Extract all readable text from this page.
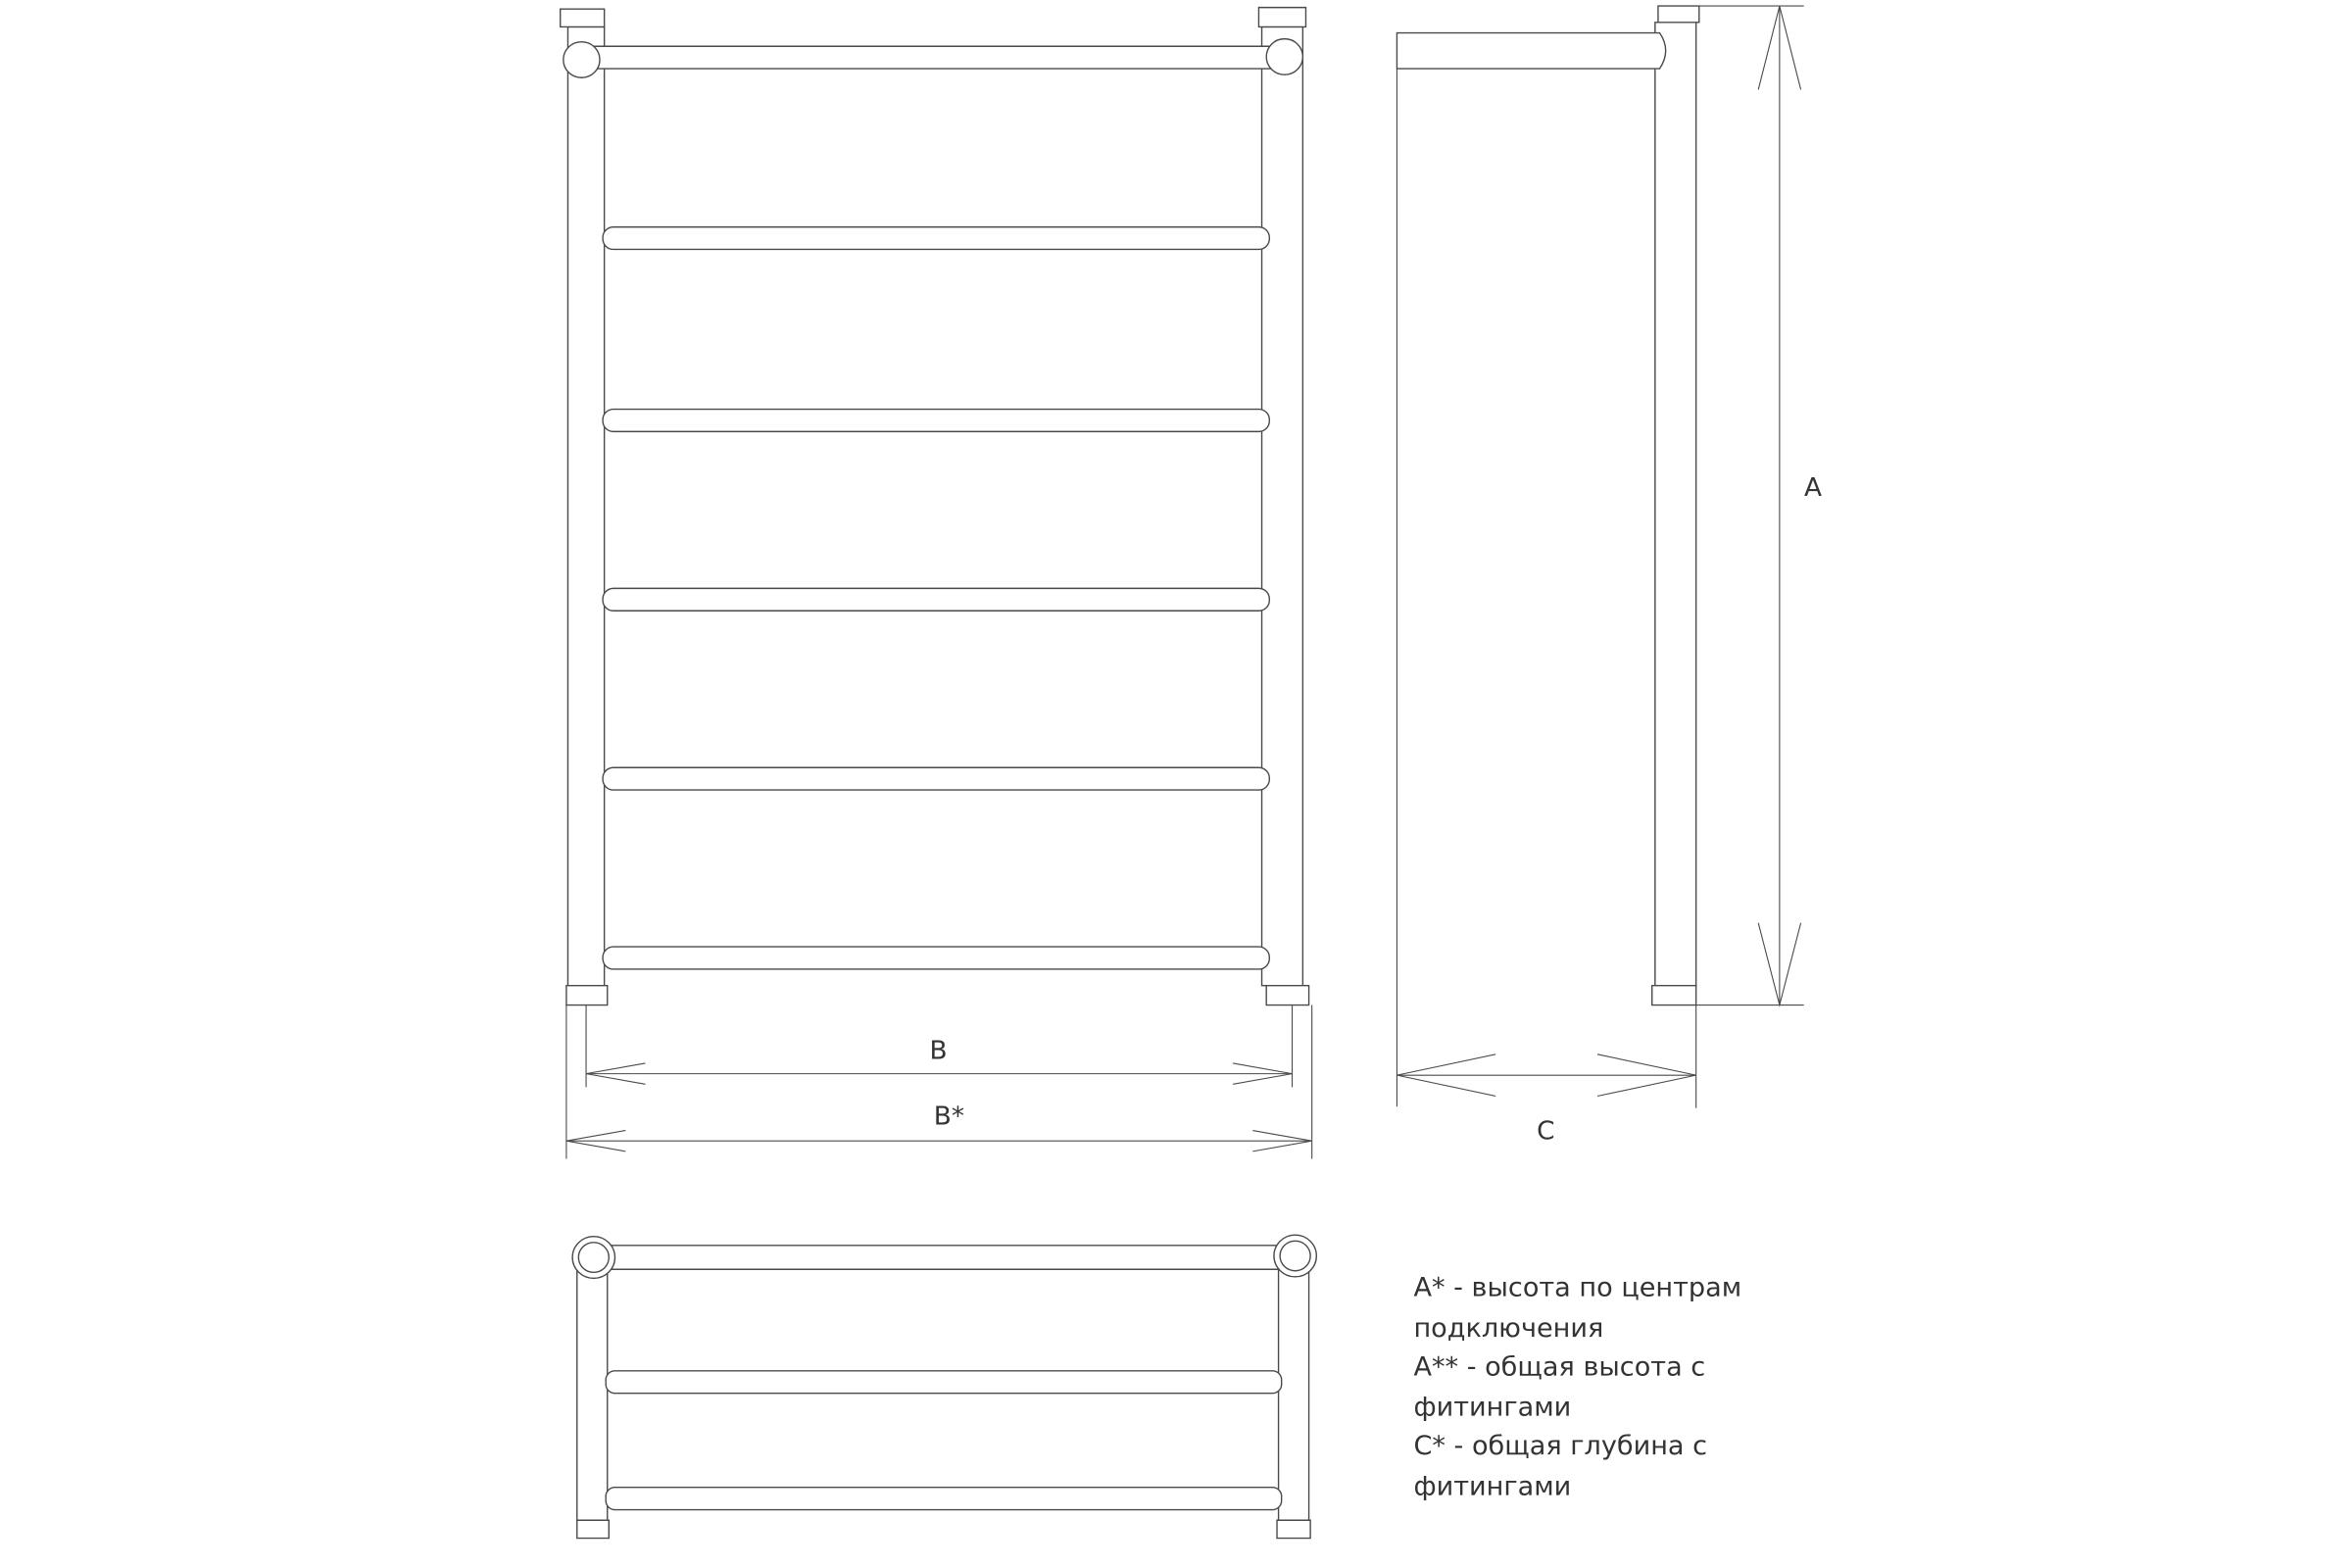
B
B*
C
A
A* - высота по центрам
подключения
A** - общая высота с
фитингами
C* - общая глубина с
фитингами
